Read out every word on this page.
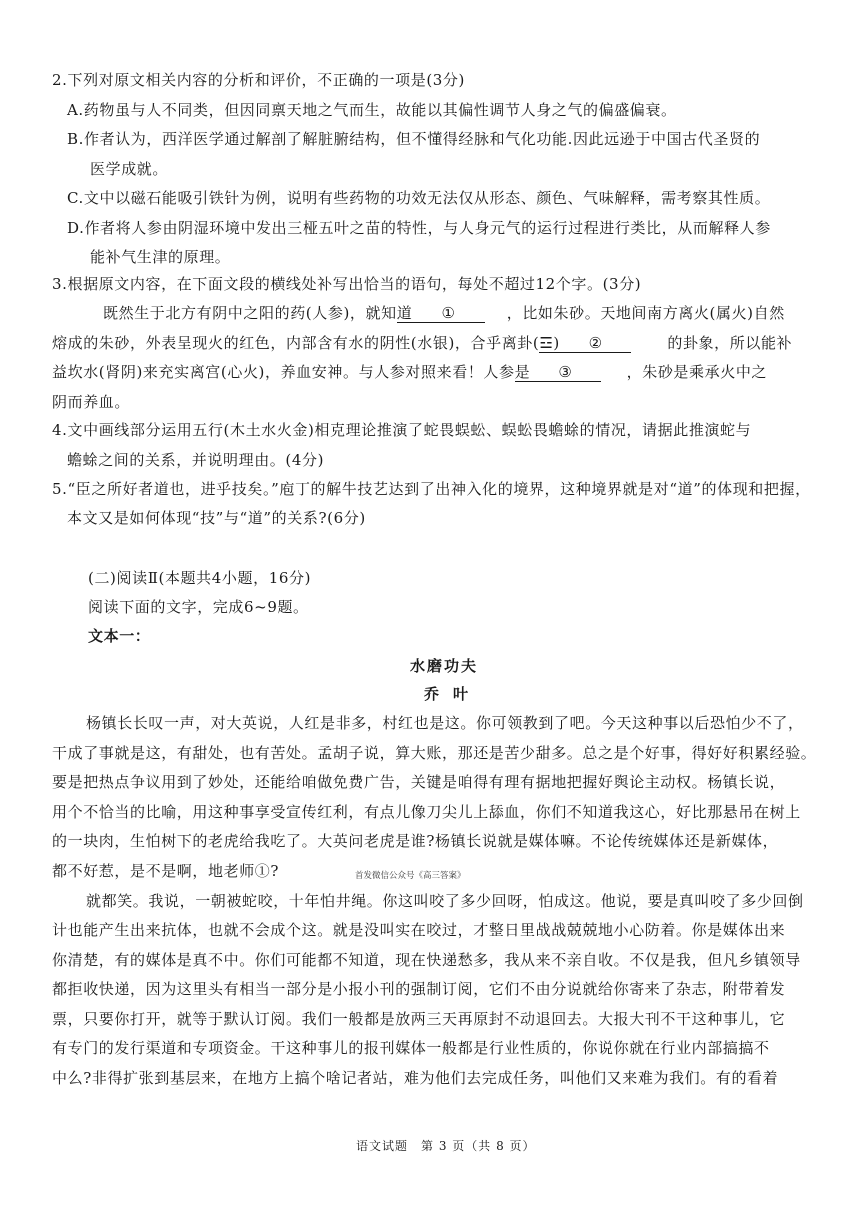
2.下列对原文相关内容的分析和评价，不正确的一项是(3分)
A.药物虽与人不同类，但因同禀天地之气而生，故能以其偏性调节人身之气的偏盛偏衰。
B.作者认为，西洋医学通过解剖了解脏腑结构，但不懂得经脉和气化功能.因此远逊于中国古代圣贤的
医学成就。
C.文中以磁石能吸引铁针为例，说明有些药物的功效无法仅从形态、颜色、气味解释，需考察其性质。
D.作者将人参由阴湿环境中发出三桠五叶之苗的特性，与人身元气的运行过程进行类比，从而解释人参
能补气生津的原理。
3.根据原文内容，在下面文段的横线处补写出恰当的语句，每处不超过12个字。(3分)
既然生于北方有阴中之阳的药(人参)，就知 道 ①	，比如朱砂。天地间南方离火(属火)自然
熔成的朱砂，外表呈现火的红色，内部含有水的阴性(水银)，合乎离卦( ☲) ②	的卦象，所以能补
益坎水(肾阴)来充实离宫(心火)，养血安神。与人参对照来看！人参 是 ③	，朱砂是乘承火中之
阴而养血。
4.文中画线部分运用五行(木土水火金)相克理论推演了蛇畏蜈蚣、蜈蚣畏蟾蜍的情况，请据此推演蛇与
蟾蜍之间的关系，并说明理由。(4分)
5.“臣之所好者道也，进乎技矣。”庖丁的解牛技艺达到了出神入化的境界，这种境界就是对“道”的体现和把握，
本文又是如何体现“技”与“道”的关系?(6分)
(二)阅读Ⅱ(本题共4小题，16分)
阅读下面的文字，完成6~9题。
文本一：
水磨功夫
乔叶
杨镇长长叹一声，对大英说，人红是非多，村红也是这。你可领教到了吧。今天这种事以后恐怕少不了，
干成了事就是这，有甜处，也有苦处。孟胡子说，算大账，那还是苦少甜多。总之是个好事，得好好积累经验。
要是把热点争议用到了妙处，还能给咱做免费广告，关键是咱得有理有据地把握好舆论主动权。杨镇长说，
用个不恰当的比喻，用这种事享受宣传红利，有点儿像刀尖儿上舔血，你们不知道我这心，好比那悬吊在树上
的一块肉，生怕树下的老虎给我吃了。大英问老虎是谁?杨镇长说就是媒体嘛。不论传统媒体还是新媒体，
都不好惹，是不是啊，地老师①?	首发微信公众号《高三答案》
就都笑。我说，一朝被蛇咬，十年怕井绳。你这叫咬了多少回呀，怕成这。他说，要是真叫咬了多少回倒
计也能产生出来抗体，也就不会成个这。就是没叫实在咬过，才整日里战战兢兢地小心防着。你是媒体出来
你清楚，有的媒体是真不中。你们可能都不知道，现在快递愁多，我从来不亲自收。不仅是我，但凡乡镇领导
都拒收快递，因为这里头有相当一部分是小报小刊的强制订阅，它们不由分说就给你寄来了杂志，附带着发
票，只要你打开，就等于默认订阅。我们一般都是放两三天再原封不动退回去。大报大刊不干这种事儿，它
有专门的发行渠道和专项资金。干这种事儿的报刊媒体一般都是行业性质的，你说你就在行业内部搞搞不
中么?非得扩张到基层来，在地方上搞个啥记者站，难为他们去完成任务，叫他们又来难为我们。有的看着
语文试题　第 3 页（共 8 页）
